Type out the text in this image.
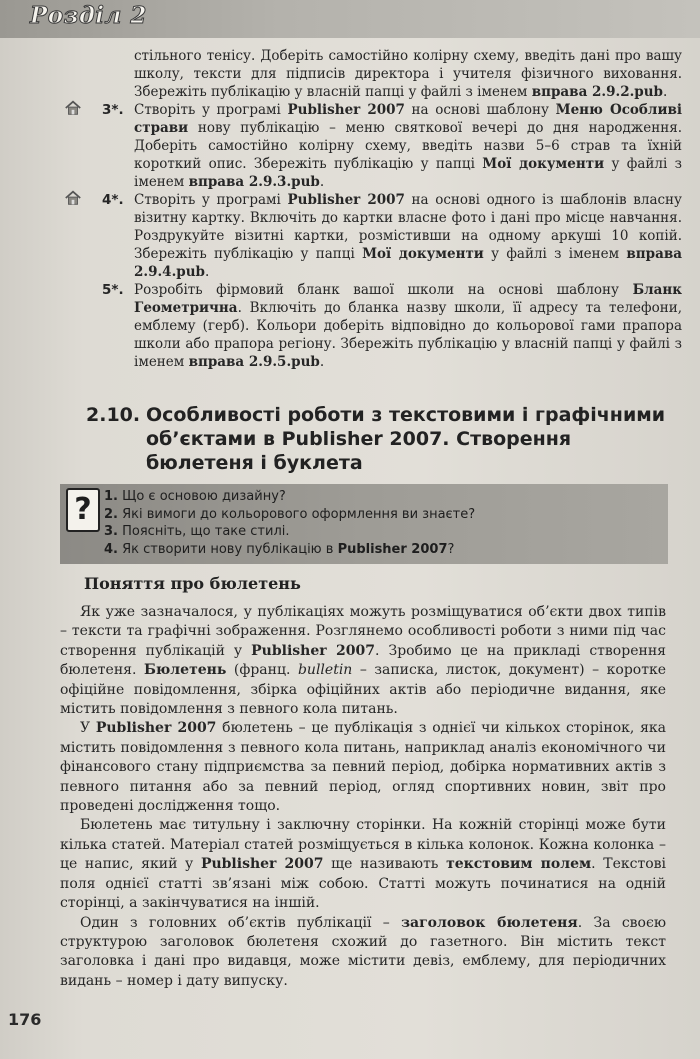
Розділ 2

стільного тенісу. Доберіть самостійно колірну схему, введіть дані про вашу школу, тексти для підписів директора і учителя фізичного виховання. Збережіть публікацію у власній папці у файлі з іменем вправа 2.9.2.pub.

3*. Створіть у програмі Publisher 2007 на основі шаблону Меню Особливі страви нову публікацію – меню святкової вечері до дня народження. Доберіть самостійно колірну схему, введіть назви 5–6 страв та їхній короткий опис. Збережіть публікацію у папці Мої документи у файлі з іменем вправа 2.9.3.pub.

4*. Створіть у програмі Publisher 2007 на основі одного із шаблонів власну візитну картку. Включіть до картки власне фото і дані про місце навчання. Роздрукуйте візитні картки, розмістивши на одному аркуші 10 копій. Збережіть публікацію у папці Мої документи у файлі з іменем вправа 2.9.4.pub.

5*. Розробіть фірмовий бланк вашої школи на основі шаблону Бланк Геометрична. Включіть до бланка назву школи, її адресу та телефони, емблему (герб). Кольори доберіть відповідно до кольорової гами прапора школи або прапора регіону. Збережіть публікацію у власній папці у файлі з іменем вправа 2.9.5.pub.

2.10. Особливості роботи з текстовими і графічними об’єктами в Publisher 2007. Створення бюлетеня і буклета
? 1. Що є основою дизайну?
2. Які вимоги до кольорового оформлення ви знаєте?
3. Поясніть, що таке стилі.
4. Як створити нову публікацію в Publisher 2007?
Поняття про бюлетень

Як уже зазначалося, у публікаціях можуть розміщуватися об’єкти двох типів – тексти та графічні зображення. Розглянемо особливості роботи з ними під час створення публікацій у Publisher 2007. Зробимо це на прикладі створення бюлетеня. Бюлетень (франц. bulletin – записка, листок, документ) – коротке офіційне повідомлення, збірка офіційних актів або періодичне видання, яке містить повідомлення з певного кола питань.

У Publisher 2007 бюлетень – це публікація з однієї чи кількох сторінок, яка містить повідомлення з певного кола питань, наприклад аналіз економічного чи фінансового стану підприємства за певний період, добірка нормативних актів з певного питання або за певний період, огляд спортивних новин, звіт про проведені дослідження тощо.

Бюлетень має титульну і заключну сторінки. На кожній сторінці може бути кілька статей. Матеріал статей розміщується в кілька колонок. Кожна колонка – це напис, який у Publisher 2007 ще називають текстовим полем. Текстові поля однієї статті зв’язані між собою. Статті можуть починатися на одній сторінці, а закінчуватися на іншій.

Один з головних об’єктів публікації – заголовок бюлетеня. За своєю структурою заголовок бюлетеня схожий до газетного. Він містить текст заголовка і дані про видавця, може містити девіз, емблему, для періодичних видань – номер і дату випуску.

176
